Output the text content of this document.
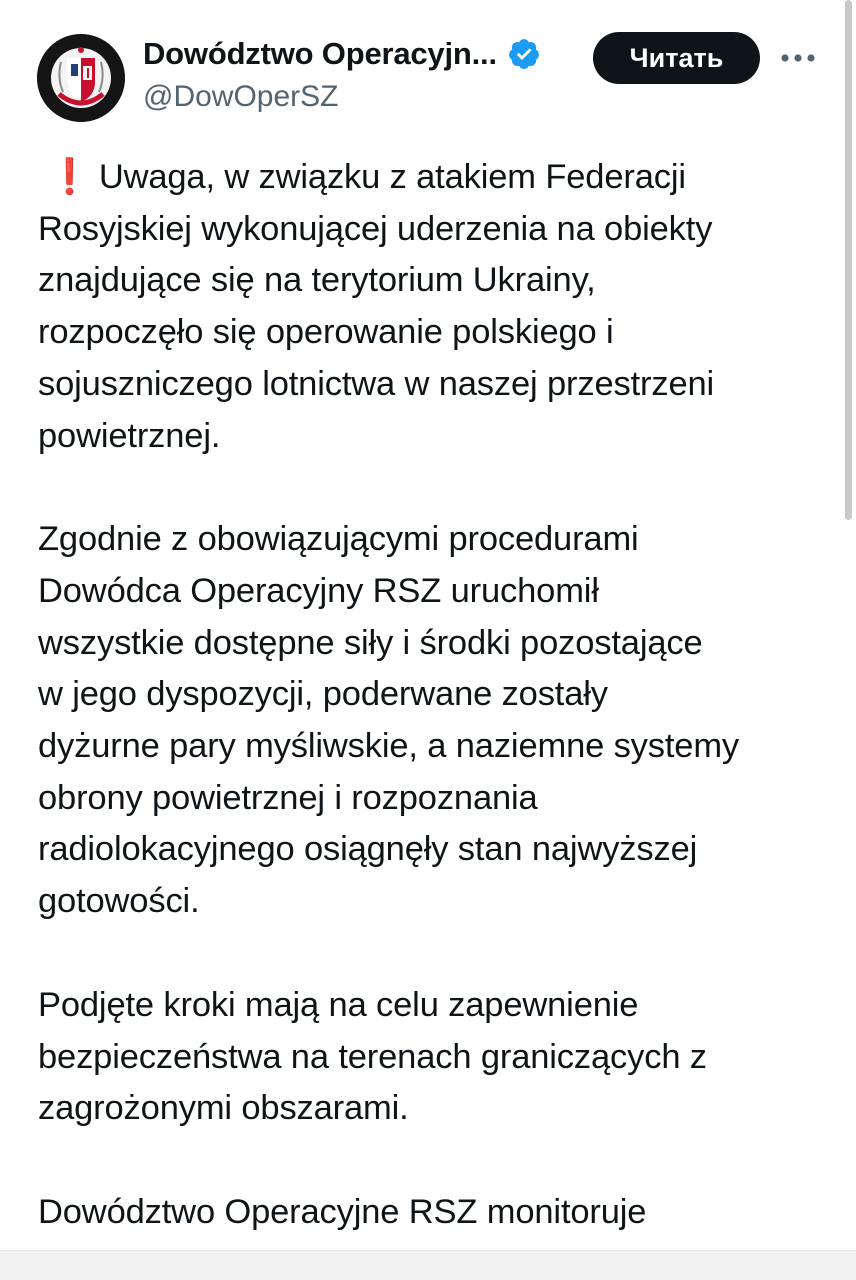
Dowództwo Operacyjn...
@DowOperSZ
Читать

❗ Uwaga, w związku z atakiem Federacji
Rosyjskiej wykonującej uderzenia na obiekty
znajdujące się na terytorium Ukrainy,
rozpoczęło się operowanie polskiego i
sojuszniczego lotnictwa w naszej przestrzeni
powietrznej.

Zgodnie z obowiązującymi procedurami
Dowódca Operacyjny RSZ uruchomił
wszystkie dostępne siły i środki pozostające
w jego dyspozycji, poderwane zostały
dyżurne pary myśliwskie, a naziemne systemy
obrony powietrznej i rozpoznania
radiolokacyjnego osiągnęły stan najwyższej
gotowości.

Podjęte kroki mają na celu zapewnienie
bezpieczeństwa na terenach graniczących z
zagrożonymi obszarami.

Dowództwo Operacyjne RSZ monitoruje
